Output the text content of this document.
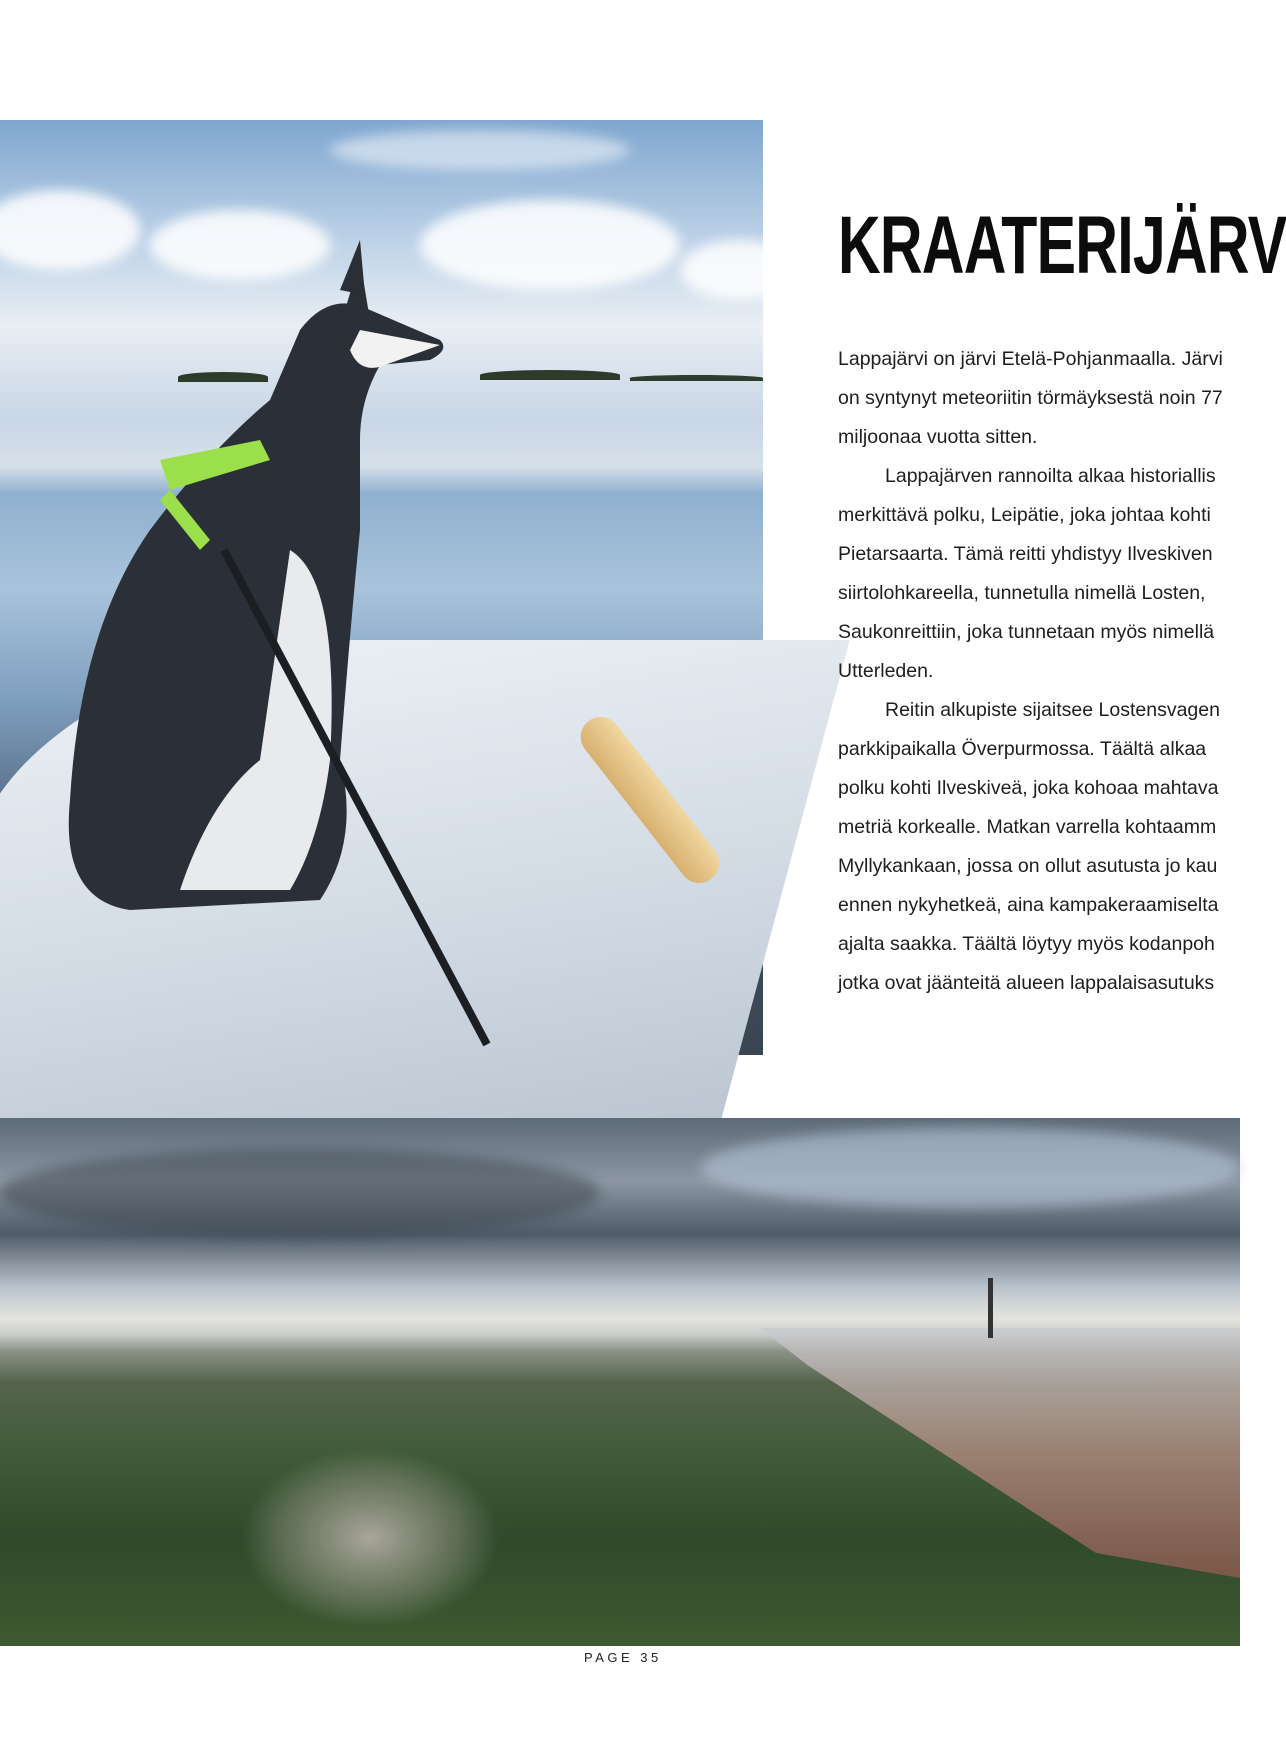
KRAATERIJÄRV
Lappajärvi on järvi Etelä-Pohjanmaalla. Järvi
on syntynyt meteoriitin törmäyksestä noin 77
miljoonaa vuotta sitten.
Lappajärven rannoilta alkaa historiallis
merkittävä polku, Leipätie, joka johtaa kohti
Pietarsaarta. Tämä reitti yhdistyy Ilveskiven
siirtolohkareella, tunnetulla nimellä Losten,
Saukonreittiin, joka tunnetaan myös nimellä
Utterleden.
Reitin alkupiste sijaitsee Lostensvagen
parkkipaikalla Överpurmossa. Täältä alkaa
polku kohti Ilveskiveä, joka kohoaa mahtava
metriä korkealle. Matkan varrella kohtaamm
Myllykankaan, jossa on ollut asutusta jo kau
ennen nykyhetkeä, aina kampakeraamiselta
ajalta saakka. Täältä löytyy myös kodanpoh
jotka ovat jäänteitä alueen lappalaisasutuks
PAGE 35
